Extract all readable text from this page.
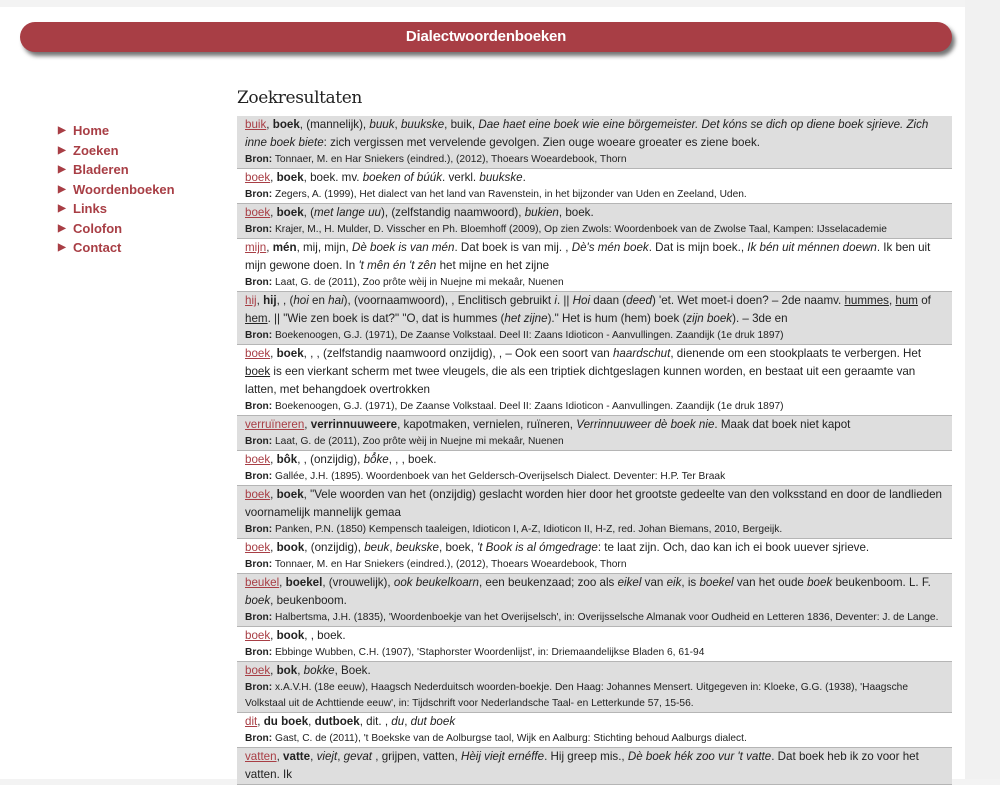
Dialectwoordenboeken
▶ Home
▶ Zoeken
▶ Bladeren
▶ Woordenboeken
▶ Links
▶ Colofon
▶ Contact
Zoekresultaten
buik, boek, (mannelijk), buuk, buukske, buik, Dae haet eine boek wie eine börgemeister. Det kóns se dich op diene boek sjrieve. Zich inne boek biete: zich vergissen met vervelende gevolgen. Zien ouge woeare groeater es ziene boek.
Bron: Tonnaer, M. en Har Sniekers (eindred.), (2012), Thoears Woeardebook, Thorn
boek, boek, boek. mv. boeken of búúk. verkl. buukske.
Bron: Zegers, A. (1999), Het dialect van het land van Ravenstein, in het bijzonder van Uden en Zeeland, Uden.
boek, boek, (met lange uu), (zelfstandig naamwoord), bukien, boek.
Bron: Krajer, M., H. Mulder, D. Visscher en Ph. Bloemhoff (2009), Op zien Zwols: Woordenboek van de Zwolse Taal, Kampen: IJsselacademie
mijn, mén, mij, mijn, Dè boek is van mén. Dat boek is van mij. , Dè's mén boek. Dat is mijn boek., Ik bén uit ménnen doewn. Ik ben uit mijn gewone doen. In 't mên én 't zên het mijne en het zijne
Bron: Laat, G. de (2011), Zoo prôte wèij in Nuejne mi mekaâr, Nuenen
hij, hij, , (hoi en hai), (voornaamwoord), , Enclitisch gebruikt i. || Hoi daan (deed) 'et. Wet moet-i doen? – 2de naamv. hummes, hum of hem. || "Wie zen boek is dat?" "O, dat is hummes (het zijne)." Het is hum (hem) boek (zijn boek). – 3de en
Bron: Boekenoogen, G.J. (1971), De Zaanse Volkstaal. Deel II: Zaans Idioticon - Aanvullingen. Zaandijk (1e druk 1897)
boek, boek, , , (zelfstandig naamwoord onzijdig), , – Ook een soort van haardschut, dienende om een stookplaats te verbergen. Het boek is een vierkant scherm met twee vleugels, die als een triptiek dichtgeslagen kunnen worden, en bestaat uit een geraamte van latten, met behangdoek overtrokken
Bron: Boekenoogen, G.J. (1971), De Zaanse Volkstaal. Deel II: Zaans Idioticon - Aanvullingen. Zaandijk (1e druk 1897)
verruïneren, verrinnuuweere, kapotmaken, vernielen, ruïneren, Verrinnuuweer dè boek nie. Maak dat boek niet kapot
Bron: Laat, G. de (2011), Zoo prôte wèij in Nuejne mi mekaâr, Nuenen
boek, bôk, , (onzijdig), bô̊ke, , , boek.
Bron: Gallée, J.H. (1895). Woordenboek van het Geldersch-Overijselsch Dialect. Deventer: H.P. Ter Braak
boek, boek, "Vele woorden van het (onzijdig) geslacht worden hier door het grootste gedeelte van den volksstand en door de landlieden voornamelijk mannelijk gemaa
Bron: Panken, P.N. (1850) Kempensch taaleigen, Idioticon I, A-Z, Idioticon II, H-Z, red. Johan Biemans, 2010, Bergeijk.
boek, book, (onzijdig), beuk, beukske, boek, 't Book is al ómgedrage: te laat zijn. Och, dao kan ich ei book uuever sjrieve.
Bron: Tonnaer, M. en Har Sniekers (eindred.), (2012), Thoears Woeardebook, Thorn
beukel, boekel, (vrouwelijk), ook beukelkoarn, een beukenzaad; zoo als eikel van eik, is boekel van het oude boek beukenboom. L. F. boek, beukenboom.
Bron: Halbertsma, J.H. (1835), 'Woordenboekje van het Overijselsch', in: Overijsselsche Almanak voor Oudheid en Letteren 1836, Deventer: J. de Lange.
boek, book, , boek.
Bron: Ebbinge Wubben, C.H. (1907), 'Staphorster Woordenlijst', in: Driemaandelijkse Bladen 6, 61-94
boek, bok, bokke, Boek.
Bron: x.A.V.H. (18e eeuw), Haagsch Nederduitsch woorden-boekje. Den Haag: Johannes Mensert. Uitgegeven in: Kloeke, G.G. (1938), 'Haagsche Volkstaal uit de Achttiende eeuw', in: Tijdschrift voor Nederlandsche Taal- en Letterkunde 57, 15-56.
dit, du boek, dutboek, dit. , du, dut boek
Bron: Gast, C. de (2011), 't Boekske van de Aolburgse taol, Wijk en Aalburg: Stichting behoud Aalburgs dialect.
vatten, vatte, viejt, gevat , grijpen, vatten, Hèij viejt ernéffe. Hij greep mis., Dè boek hék zoo vur 't vatte. Dat boek heb ik zo voor het vatten. Ik
